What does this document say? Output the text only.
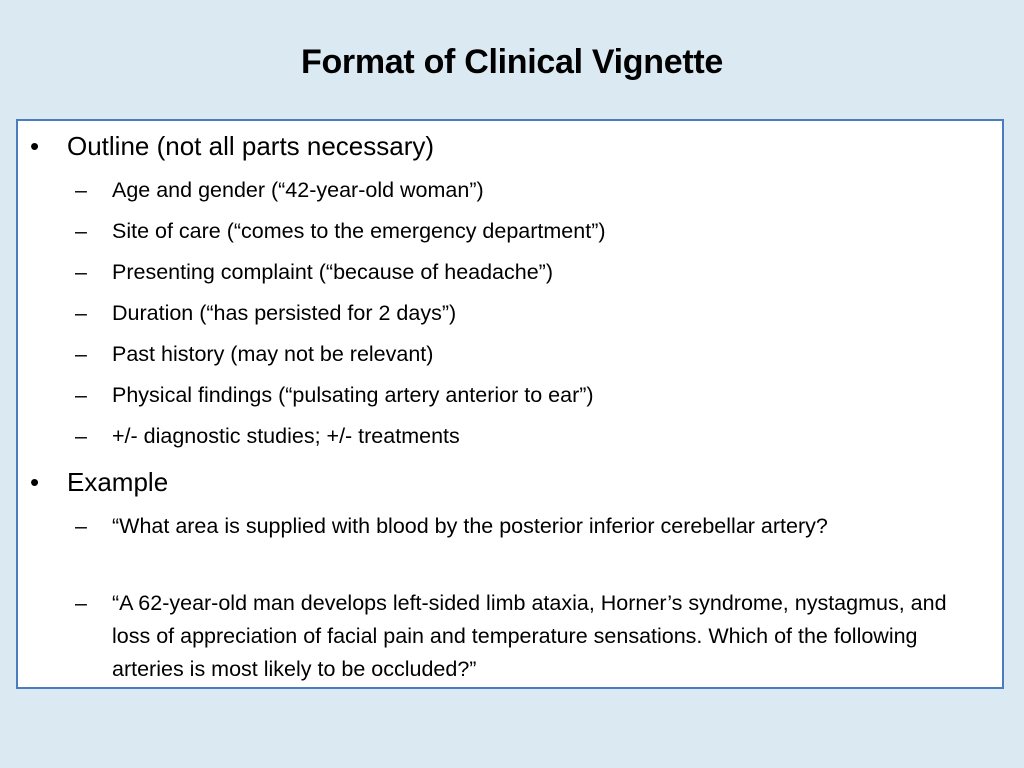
Format of Clinical Vignette
•	Outline (not all parts necessary)
–	Age and gender (“42-year-old woman”)
–	Site of care (“comes to the emergency department”)
–	Presenting complaint (“because of headache”)
–	Duration (“has persisted for 2 days”)
–	Past history (may not be relevant)
–	Physical findings (“pulsating artery anterior to ear”)
–	+/- diagnostic studies; +/- treatments
•	Example
–	“What area is supplied with blood by the posterior inferior cerebellar artery?
–	“A 62-year-old man develops left-sided limb ataxia, Horner’s syndrome, nystagmus, and loss of appreciation of facial pain and temperature sensations. Which of the following arteries is most likely to be occluded?”
